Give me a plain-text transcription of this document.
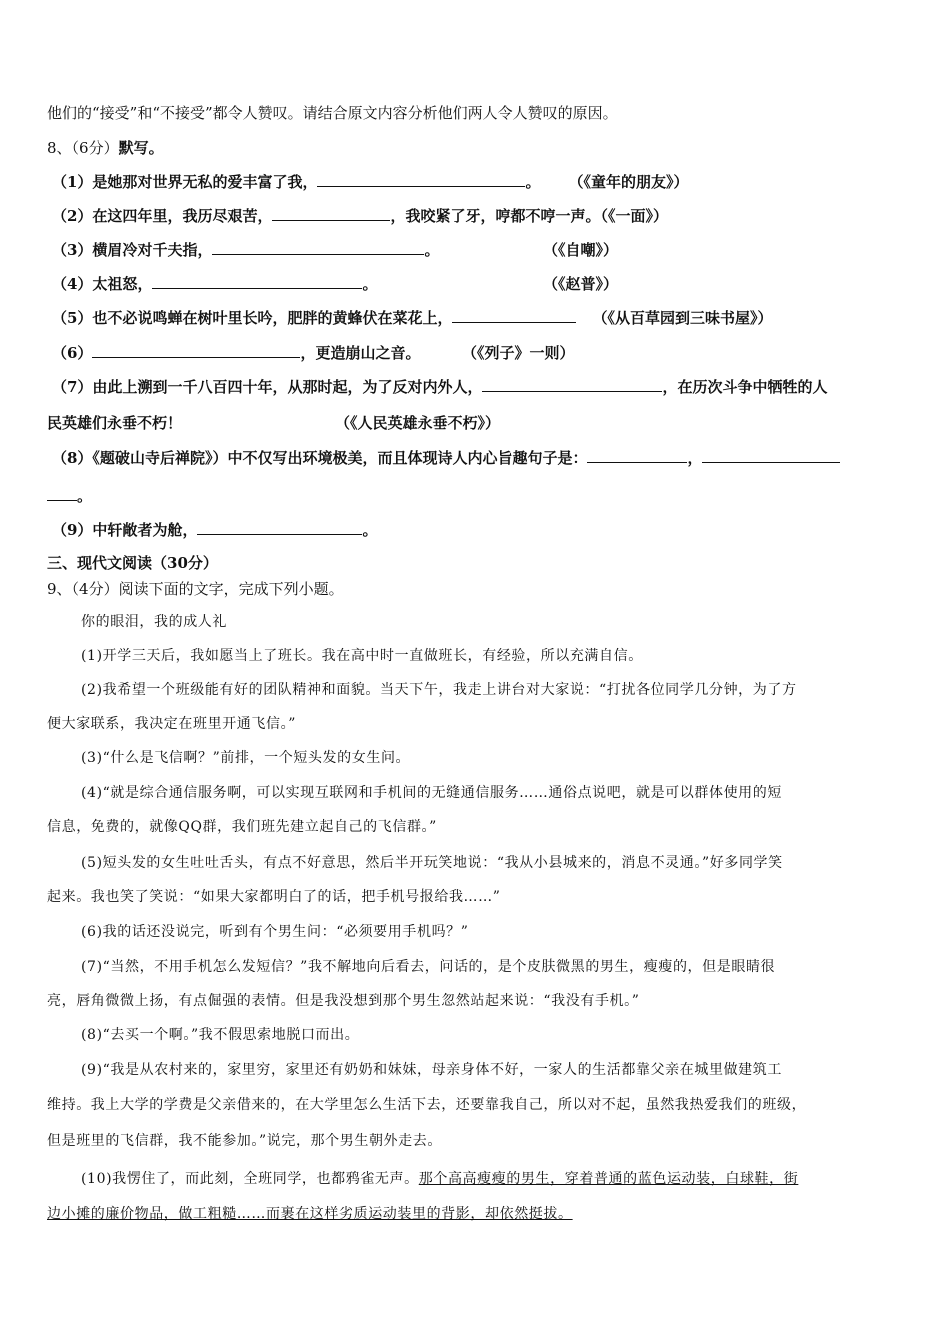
他们的“接受”和“不接受”都令人赞叹。请结合原文内容分析他们两人令人赞叹的原因。
8、（6分）默写。
（1）是她那对世界无私的爱丰富了我，	。 （《童年的朋友》）
（2）在这四年里，我历尽艰苦，	，我咬紧了牙，哼都不哼一声。（《一面》）
（3）横眉冷对千夫指，	。	（《自嘲》）
（4）太祖怒，	。	（《赵普》）
（5）也不必说鸣蝉在树叶里长吟，肥胖的黄蜂伏在菜花上，	（《从百草园到三味书屋》）
（6）	，更造崩山之音。	（《列子》一则）
（7）由此上溯到一千八百四十年，从那时起，为了反对内外人，	，在历次斗争中牺牲的人
民英雄们永垂不朽！	（《人民英雄永垂不朽》）
（8）《题破山寺后禅院》）中不仅写出环境极美，而且体现诗人内心旨趣句子是：	，
。
（9）中轩敞者为舱，	。
三、现代文阅读（30分）
9、（4分）阅读下面的文字，完成下列小题。
你的眼泪，我的成人礼
(1)开学三天后，我如愿当上了班长。我在高中时一直做班长，有经验，所以充满自信。
(2)我希望一个班级能有好的团队精神和面貌。当天下午，我走上讲台对大家说：“打扰各位同学几分钟，为了方
便大家联系，我决定在班里开通飞信。”
(3)“什么是飞信啊？”前排，一个短头发的女生问。
(4)“就是综合通信服务啊，可以实现互联网和手机间的无缝通信服务……通俗点说吧，就是可以群体使用的短
信息，免费的，就像QQ群，我们班先建立起自己的飞信群。”
(5)短头发的女生吐吐舌头，有点不好意思，然后半开玩笑地说：“我从小县城来的，消息不灵通。”好多同学笑
起来。我也笑了笑说：“如果大家都明白了的话，把手机号报给我……”
(6)我的话还没说完，听到有个男生问：“必须要用手机吗？”
(7)“当然，不用手机怎么发短信？”我不解地向后看去，问话的，是个皮肤微黑的男生，瘦瘦的，但是眼睛很
亮，唇角微微上扬，有点倔强的表情。但是我没想到那个男生忽然站起来说：“我没有手机。”
(8)“去买一个啊。”我不假思索地脱口而出。
(9)“我是从农村来的，家里穷，家里还有奶奶和妹妹，母亲身体不好，一家人的生活都靠父亲在城里做建筑工
维持。我上大学的学费是父亲借来的，在大学里怎么生活下去，还要靠我自己，所以对不起，虽然我热爱我们的班级，
但是班里的飞信群，我不能参加。”说完，那个男生朝外走去。
(10)我愣住了，而此刻，全班同学，也都鸦雀无声。那个高高瘦瘦的男生，穿着普通的蓝色运动装，白球鞋，街
边小摊的廉价物品，做工粗糙……而裹在这样劣质运动装里的背影，却依然挺拔。
